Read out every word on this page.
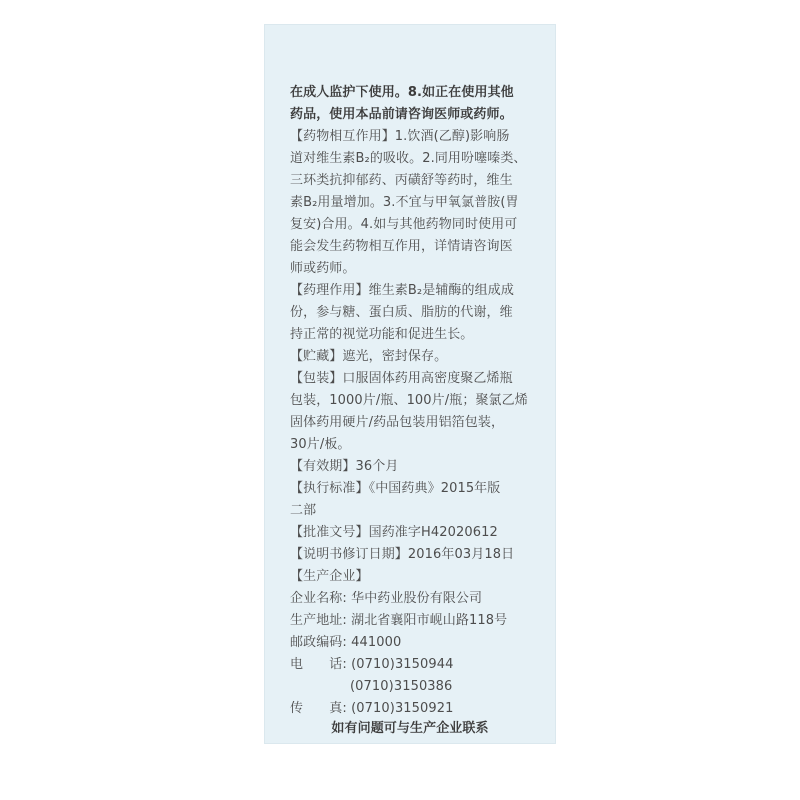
在成人监护下使用。8.如正在使用其他
药品，使用本品前请咨询医师或药师。
【药物相互作用】1.饮酒(乙醇)影响肠
道对维生素B₂的吸收。2.同用吩噻嗪类、
三环类抗抑郁药、丙磺舒等药时，维生
素B₂用量增加。3.不宜与甲氧氯普胺(胃
复安)合用。4.如与其他药物同时使用可
能会发生药物相互作用，详情请咨询医
师或药师。
【药理作用】维生素B₂是辅酶的组成成
份，参与糖、蛋白质、脂肪的代谢，维
持正常的视觉功能和促进生长。
【贮藏】遮光，密封保存。
【包装】口服固体药用高密度聚乙烯瓶
包装，1000片/瓶、100片/瓶；聚氯乙烯
固体药用硬片/药品包装用铝箔包装，
30片/板。
【有效期】36个月
【执行标准】《中国药典》2015年版
二部
【批准文号】国药准字H42020612
【说明书修订日期】2016年03月18日
【生产企业】
企业名称: 华中药业股份有限公司
生产地址: 湖北省襄阳市岘山路118号
邮政编码: 441000
电　　话: (0710)3150944
(0710)3150386
传　　真: (0710)3150921
如有问题可与生产企业联系
